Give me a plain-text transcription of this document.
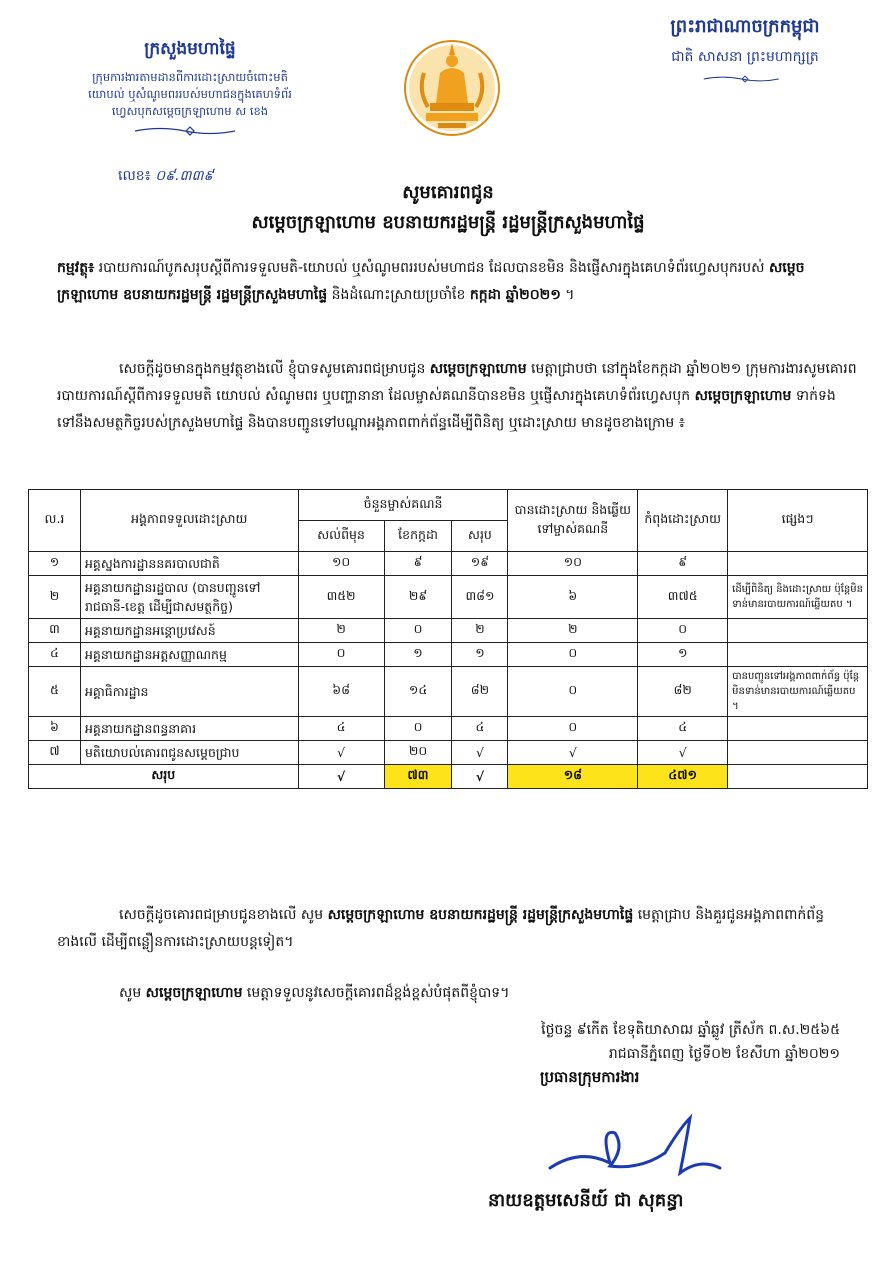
ក្រសួងមហាផ្ទៃ
ក្រុមការងារតាមដានពីការដោះស្រាយចំពោះមតិ
យោបល់ ឬសំណូមពររបស់មហាជនក្នុងគេហទំព័រ
ហ្វេសបុកសម្តេចក្រឡាហោម ស ខេង
ព្រះរាជាណាចក្រកម្ពុជា
ជាតិ សាសនា ព្រះមហាក្សត្រ
លេខ៖ ០៩.៣៣៩
សូមគោរពជូន
សម្តេចក្រឡាហោម ឧបនាយករដ្ឋមន្ត្រី រដ្ឋមន្ត្រីក្រសួងមហាផ្ទៃ
កម្មវត្ថុ៖ របាយការណ៍បូកសរុបស្តីពីការទទួលមតិ-យោបល់ ឬសំណូមពររបស់មហាជន ដែលបានខមិន និងផ្ញើសារក្នុងគេហទំព័រហ្វេសបុករបស់ សម្តេចក្រឡាហោម ឧបនាយករដ្ឋមន្ត្រី រដ្ឋមន្ត្រីក្រសួងមហាផ្ទៃ និងដំណោះស្រាយប្រចាំខែ កក្កដា ឆ្នាំ២០២១ ។
សេចក្តីដូចមានក្នុងកម្មវត្ថុខាងលើ ខ្ញុំបាទសូមគោរពជម្រាបជូន សម្តេចក្រឡាហោម មេត្តាជ្រាបថា នៅក្នុងខែកក្កដា ឆ្នាំ២០២១ ក្រុមការងារសូមគោរពរបាយការណ៍ស្តីពីការទទួលមតិ យោបល់ សំណូមពរ ឬបញ្ហានានា ដែលម្ចាស់គណនីបានខមិន ឬផ្ញើសារក្នុងគេហទំព័រហ្វេសបុក សម្តេចក្រឡាហោម ទាក់ទងទៅនឹងសមត្ថកិច្ចរបស់ក្រសួងមហាផ្ទៃ និងបានបញ្ជូនទៅបណ្តាអង្គភាពពាក់ព័ន្ធដើម្បីពិនិត្យ ឬដោះស្រាយ មានដូចខាងក្រោម ៖
ល.រ	អង្គភាពទទួលដោះស្រាយ	ចំនួនម្ចាស់គណនី			បានដោះស្រាយ និងឆ្លើយទៅម្ចាស់គណនី	កំពុងដោះស្រាយ	ផ្សេងៗ
		សល់ពីមុន	ខែកក្កដា	សរុប			
១	អគ្គស្នងការដ្ឋាននគរបាលជាតិ	១០	៩	១៩	១០	៩	
២	អគ្គនាយកដ្ឋានរដ្ឋបាល (បានបញ្ជូនទៅរាជធានី-ខេត្ត ដើម្បីជាសមត្ថកិច្ច)	៣៥២	២៩	៣៨១	៦	៣៧៥	ដើម្បីពិនិត្យ និងដោះស្រាយ ប៉ុន្តែមិនទាន់មានរបាយការណ៍ឆ្លើយតប ។
៣	អគ្គនាយកដ្ឋានអន្តោប្រវេសន៍	២	០	២	២	០	
៤	អគ្គនាយកដ្ឋានអត្តសញ្ញាណកម្ម	០	១	១	០	១	
៥	អគ្គាធិការដ្ឋាន	៦៨	១៤	៨២	០	៨២	បានបញ្ជូនទៅអង្គភាពពាក់ព័ន្ធ ប៉ុន្តែមិនទាន់មានរបាយការណ៍ឆ្លើយតប ។
៦	អគ្គនាយកដ្ឋានពន្ធនាគារ	៤	០	៤	០	៤	
៧	មតិយោបល់គោរពជូនសម្តេចជ្រាប	√	២០	√	√	√	
សរុប		√	៧៣	√	១៨	៤៧១	
សេចក្តីដូចគោរពជម្រាបជូនខាងលើ សូម សម្តេចក្រឡាហោម ឧបនាយករដ្ឋមន្ត្រី រដ្ឋមន្ត្រីក្រសួងមហាផ្ទៃ មេត្តាជ្រាប និងគួរជូនអង្គភាពពាក់ព័ន្ធខាងលើ ដើម្បីពន្លឿនការដោះស្រាយបន្តទៀត។
សូម សម្តេចក្រឡាហោម មេត្តាទទួលនូវសេចក្តីគោរពដ៏ខ្ពង់ខ្ពស់បំផុតពីខ្ញុំបាទ។
ថ្ងៃចន្ទ ៩កើត ខែទុតិយាសាឍ ឆ្នាំឆ្លូវ ត្រីស័ក ព.ស.២៥៦៥
រាជធានីភ្នំពេញ ថ្ងៃទី០២ ខែសីហា ឆ្នាំ២០២១
ប្រធានក្រុមការងារ
នាយឧត្តមសេនីយ៍ ជា សុគន្ធា
